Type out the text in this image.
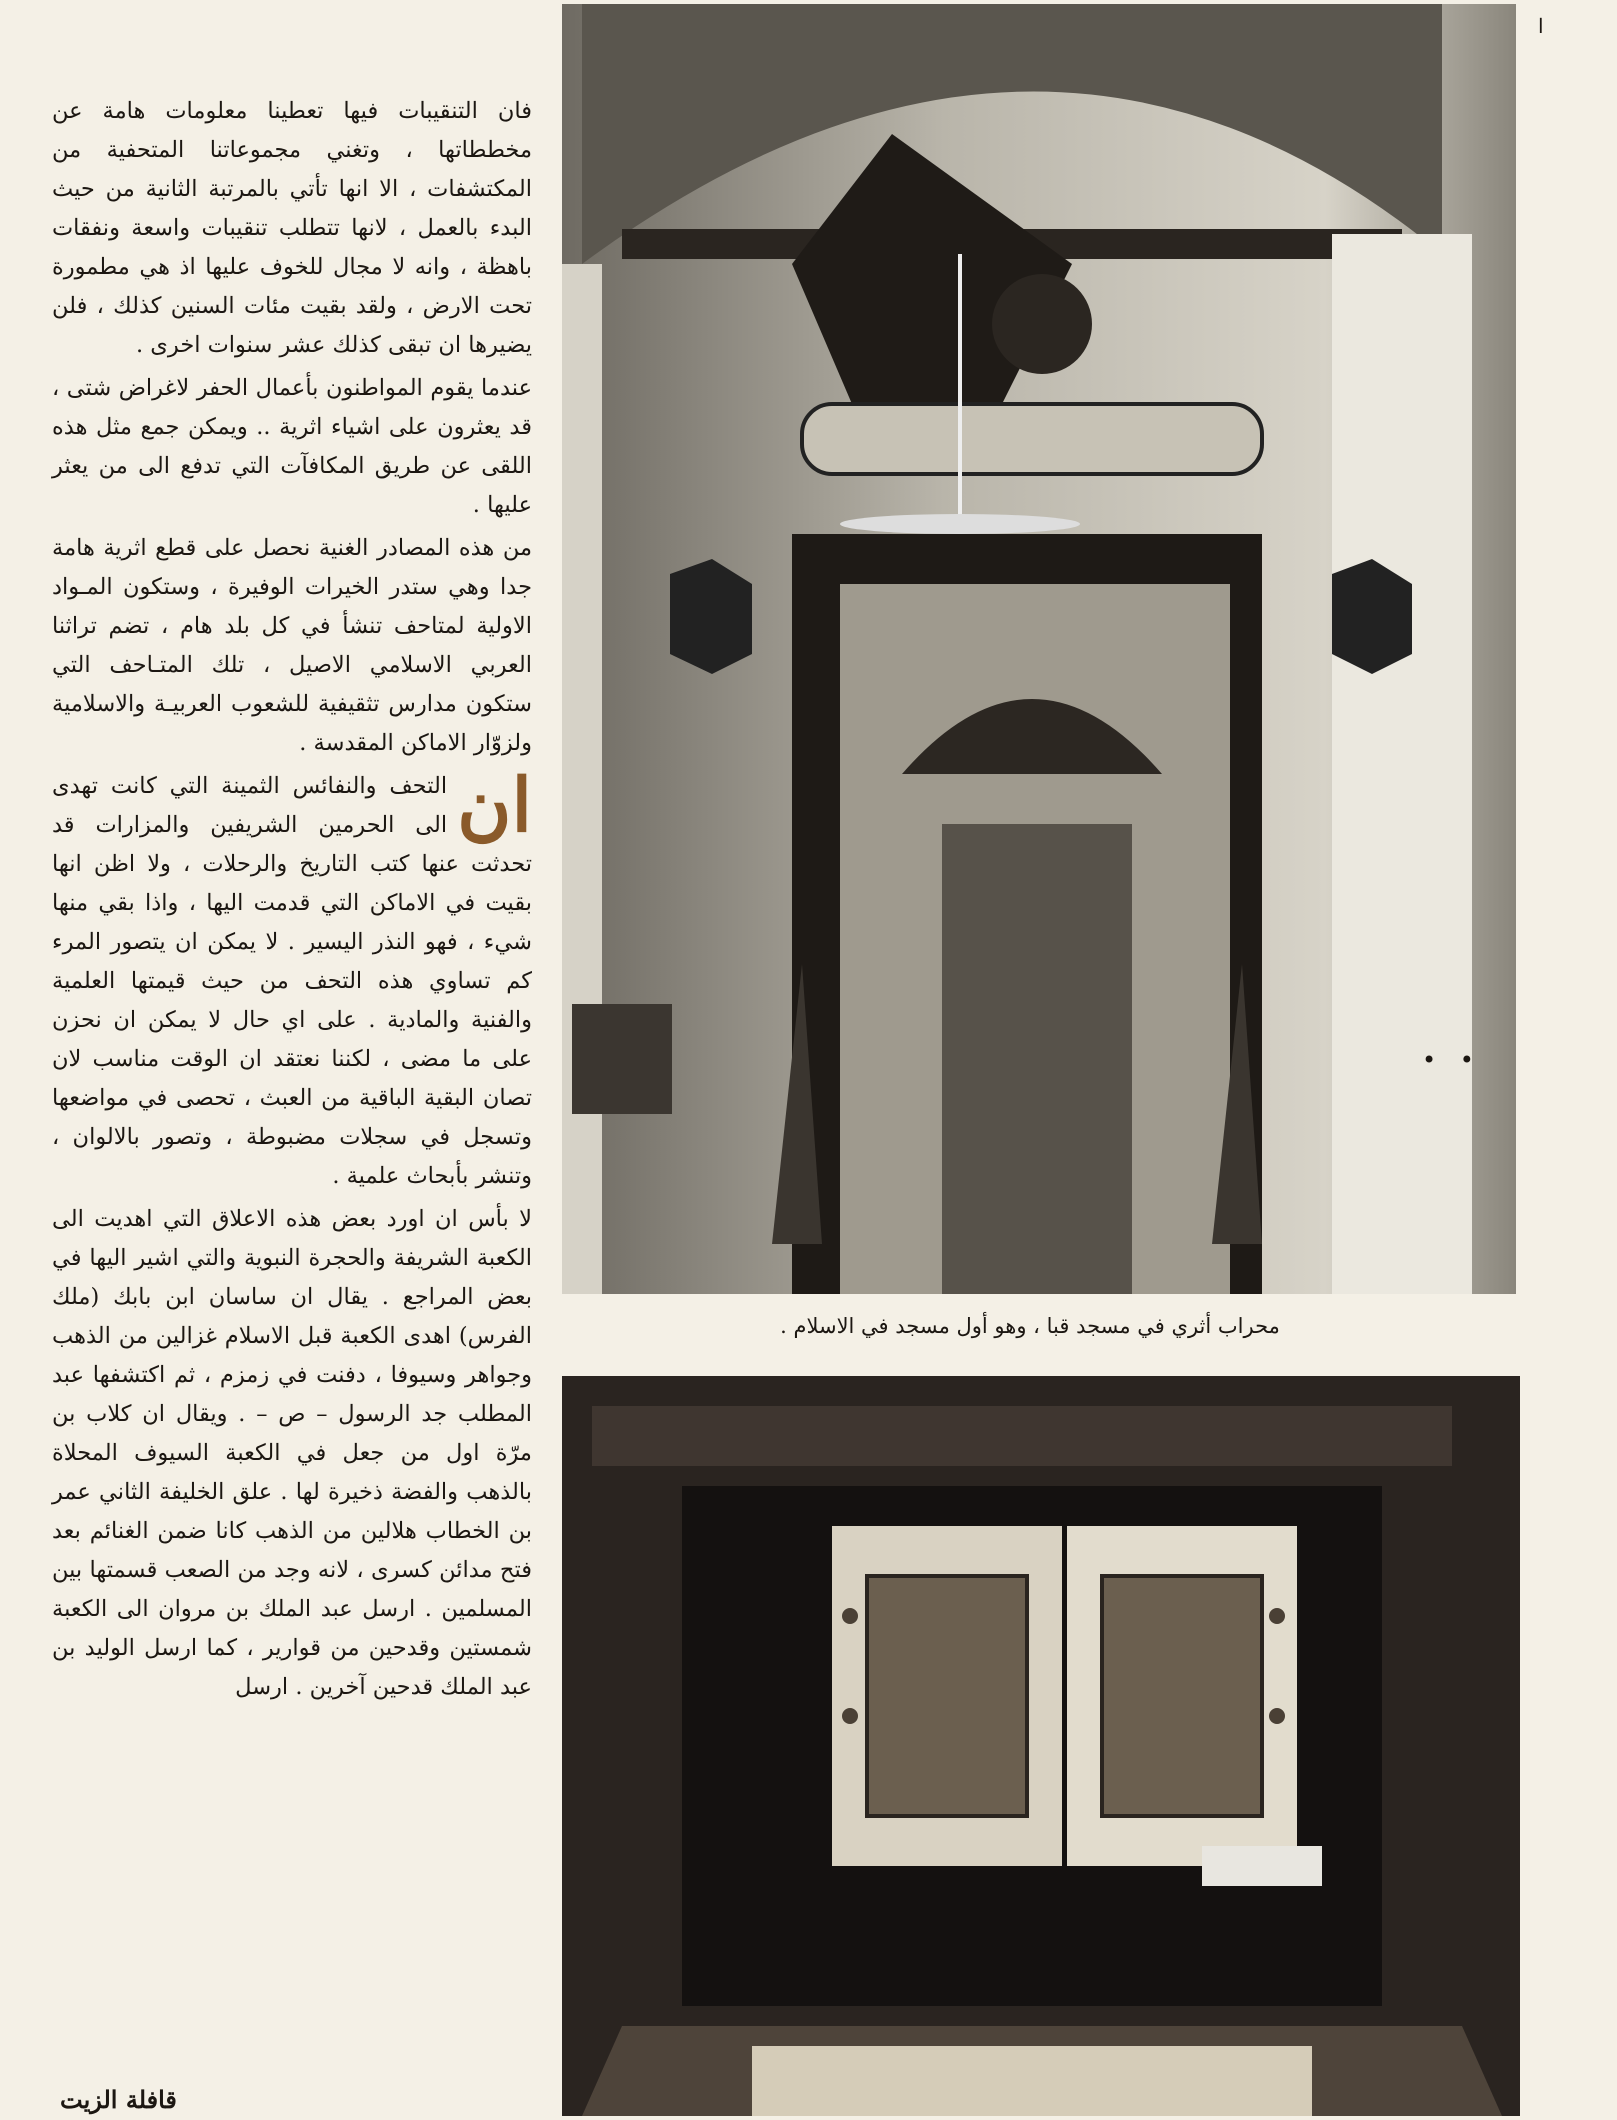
فان التنقيبات فيها تعطينا معلومات هامة عن مخططاتها ، وتغني مجموعاتنا المتحفية من المكتشفات ، الا انها تأتي بالمرتبة الثانية من حيث البدء بالعمل ، لانها تتطلب تنقيبات واسعة ونفقات باهظة ، وانه لا مجال للخوف عليها اذ هي مطمورة تحت الارض ، ولقد بقيت مئات السنين كذلك ، فلن يضيرها ان تبقى كذلك عشر سنوات اخرى .

عندما يقوم المواطنون بأعمال الحفر لاغراض شتى ، قد يعثرون على اشياء اثرية .. ويمكن جمع مثل هذه اللقى عن طريق المكافآت التي تدفع الى من يعثر عليها .

من هذه المصادر الغنية نحصل على قطع اثرية هامة جدا وهي ستدر الخيرات الوفيرة ، وستكون المـواد الاولية لمتاحف تنشأ في كل بلد هام ، تضم تراثنا العربي الاسلامي الاصيل ، تلك المتـاحف التي ستكون مدارس تثقيفية للشعوب العربيـة والاسلامية ولزوّار الاماكن المقدسة .

ان
التحف والنفائس الثمينة التي كانت تهدى الى الحرمين الشريفين والمزارات قد تحدثت عنها كتب التاريخ والرحلات ، ولا اظن انها بقيت في الاماكن التي قدمت اليها ، واذا بقي منها شيء ، فهو النذر اليسير . لا يمكن ان يتصور المرء كم تساوي هذه التحف من حيث قيمتها العلمية والفنية والمادية . على اي حال لا يمكن ان نحزن على ما مضى ، لكننا نعتقد ان الوقت مناسب لان تصان البقية الباقية من العبث ، تحصى في مواضعها وتسجل في سجلات مضبوطة ، وتصور بالالوان ، وتنشر بأبحاث علمية .

لا بأس ان اورد بعض هذه الاعلاق التي اهديت الى الكعبة الشريفة والحجرة النبوية والتي اشير اليها في بعض المراجع . يقال ان ساسان ابن بابك (ملك الفرس) اهدى الكعبة قبل الاسلام غزالين من الذهب وجواهر وسيوفا ، دفنت في زمزم ، ثم اكتشفها عبد المطلب جد الرسول – ص – . ويقال ان كلاب بن مرّة اول من جعل في الكعبة السيوف المحلاة بالذهب والفضة ذخيرة لها . علق الخليفة الثاني عمر بن الخطاب هلالين من الذهب كانا ضمن الغنائم بعد فتح مدائن كسرى ، لانه وجد من الصعب قسمتها بين المسلمين . ارسل عبد الملك بن مروان الى الكعبة شمستين وقدحين من قوارير ، كما ارسل الوليد بن عبد الملك قدحين آخرين . ارسل

قافلة الزيت
ا
محراب أثري في مسجد قبا ، وهو أول مسجد في الاسلام .
• •
